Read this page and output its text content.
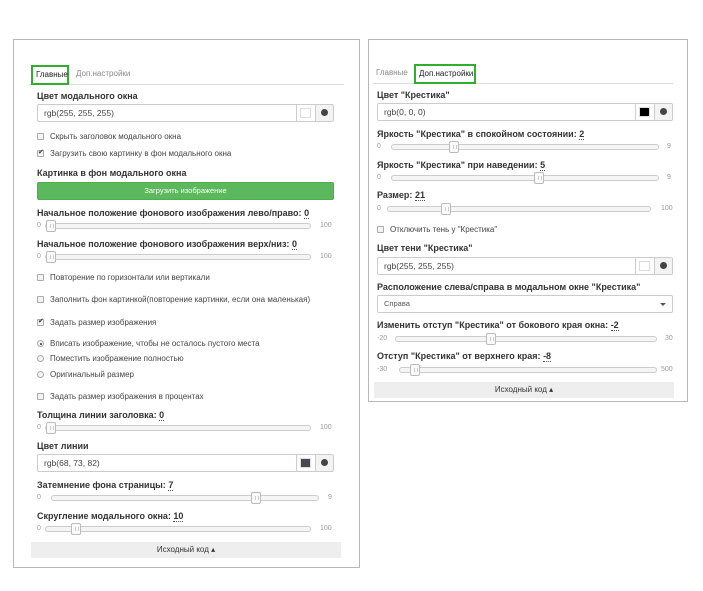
Главные	Доп.настройки
Цвет модального окна
rgb(255, 255, 255)
Скрыть заголовок модального окна
✔Загрузить свою картинку в фон модального окна
Картинка в фон модального окна
Загрузить изображение
Начальное положение фонового изображения лево/право: 0
0	100
Начальное положение фонового изображения верх/низ: 0
0	100
Повторение по горизонтали или вертикали
Заполнить фон картинкой(повторение картинки, если она маленькая)
✔Задать размер изображения
Вписать изображение, чтобы не осталось пустого места
Поместить изображение полностью
Оригинальный размер
Задать размер изображения в процентах
Толщина линии заголовка: 0
0	100
Цвет линии
rgb(68, 73, 82)
Затемнение фона страницы: 7
0	9
Скругление модального окна: 10
0	100
Исходный код ▴
Главные	Доп.настройки
Цвет "Крестика"
rgb(0, 0, 0)
Яркость "Крестика" в спокойном состоянии: 2
0	9
Яркость "Крестика" при наведении: 5
0	9
Размер: 21
0	100
Отключить тень у "Крестика"
Цвет тени "Крестика"
rgb(255, 255, 255)
Расположение слева/справа в модальном окне "Крестика"
Справа
Изменить отступ "Крестика" от бокового края окна: -2
-20	30
Отступ "Крестика" от верхнего края: -8
-30	500
Исходный код ▴
